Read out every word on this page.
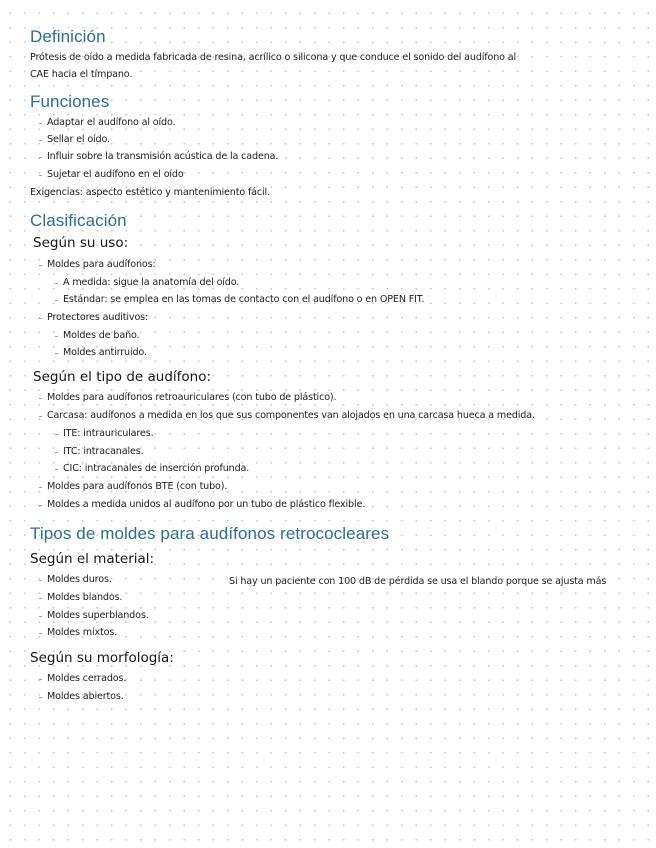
Definición
Prótesis de oído a medida fabricada de resina, acrílico o silicona y que conduce el sonido del audífono al
CAE hacia el tímpano.
Funciones
Adaptar el audífono al oído.
Sellar el oído.
Influir sobre la transmisión acústica de la cadena.
Sujetar el audífono en el oído
Exigencias: aspecto estético y mantenimiento fácil.
Clasificación
Según su uso:
Moldes para audífonos:
A medida: sigue la anatomía del oído.
Estándar: se emplea en las tomas de contacto con el audífono o en OPEN FIT.
Protectores auditivos:
Moldes de baño.
Moldes antirruido.
Según el tipo de audífono:
Moldes para audífonos retroauriculares (con tubo de plástico).
Carcasa: audífonos a medida en los que sus componentes van alojados en una carcasa hueca a medida.
ITE: intrauriculares.
ITC: intracanales.
CIC: intracanales de inserción profunda.
Moldes para audífonos BTE (con tubo).
Moldes a medida unidos al audífono por un tubo de plástico flexible.
Tipos de moldes para audífonos retrococleares
Según el material:
Moldes duros.
Moldes blandos.
Moldes superblandos.
Moldes mixtos.
Si hay un paciente con 100 dB de pérdida se usa el blando porque se ajusta más
Según su morfología:
Moldes cerrados.
Moldes abiertos.
